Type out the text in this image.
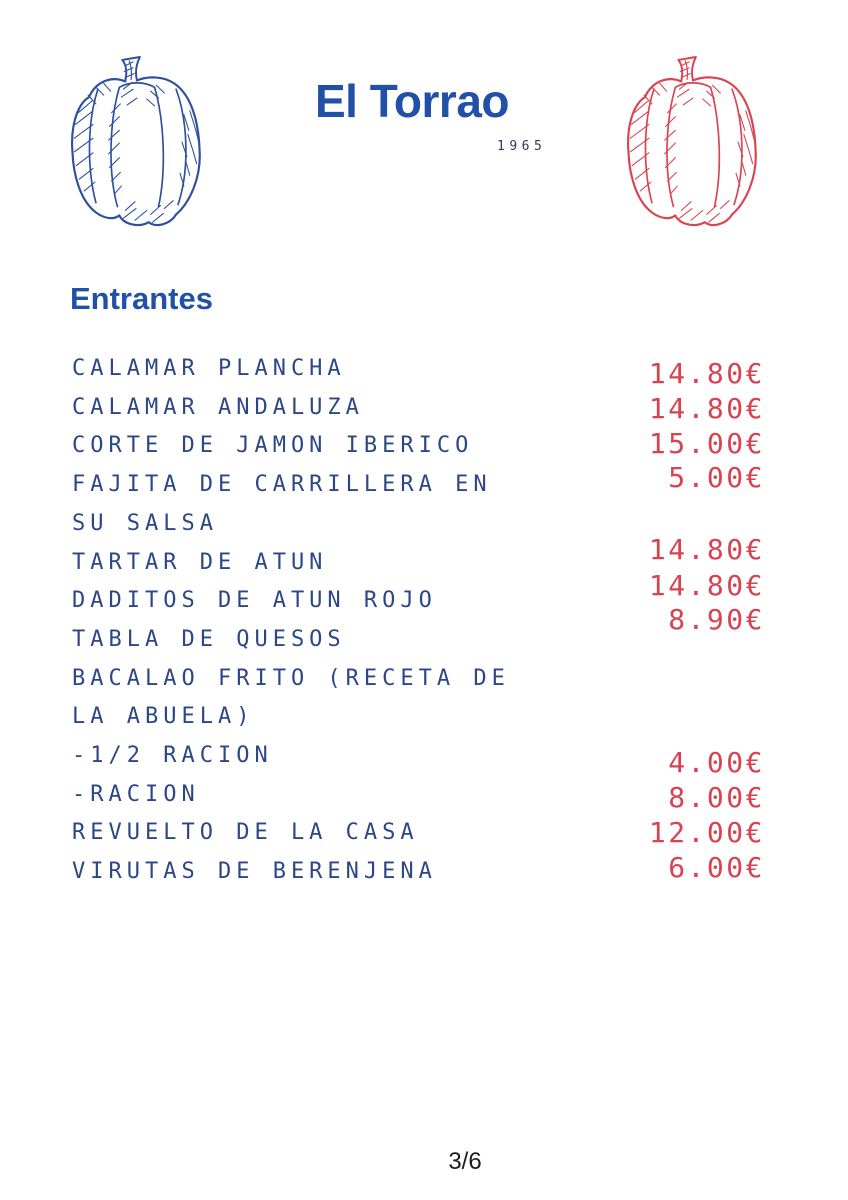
El Torrao
1965
Entrantes
CALAMAR PLANCHA
CALAMAR ANDALUZA
CORTE DE JAMON IBERICO
FAJITA DE CARRILLERA EN
SU SALSA
TARTAR DE ATUN
DADITOS DE ATUN ROJO
TABLA DE QUESOS
BACALAO FRITO (RECETA DE
LA ABUELA)
-1/2 RACION
-RACION
REVUELTO DE LA CASA
VIRUTAS DE BERENJENA
14.80€
14.80€
15.00€
5.00€
14.80€
14.80€
8.90€
4.00€
8.00€
12.00€
6.00€
3/6
